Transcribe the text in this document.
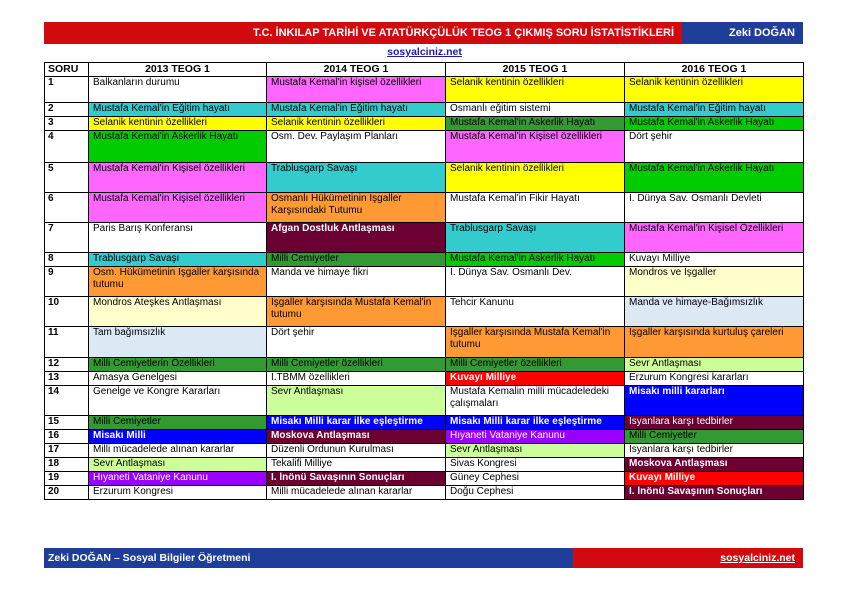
T.C. İNKILAP TARİHİ VE ATATÜRKÇÜLÜK TEOG 1 ÇIKMIŞ SORU İSTATİSTİKLERİ	Zeki DOĞAN
sosyalciniz.net
SORU	2013 TEOG 1	2014 TEOG 1	2015 TEOG 1	2016 TEOG 1
1	Balkanların durumu	Mustafa Kemal'in kişisel özellikleri	Selanik kentinin özellikleri	Selanik kentinin özellikleri
2	Mustafa Kemal'in Eğitim hayatı	Mustafa Kemal'in Eğitim hayatı	Osmanlı eğitim sistemi	Mustafa Kemal'in Eğitim hayatı
3	Selanik kentinin özellikleri	Selanik kentinin özellikleri	Mustafa Kemal'in Askerlik Hayatı	Mustafa Kemal'in Askerlik Hayatı
4	Mustafa Kemal'in Askerlik Hayatı	Osm. Dev. Paylaşım Planları	Mustafa Kemal'in Kişisel özellikleri	Dört şehir
5	Mustafa Kemal'in Kişisel özellikleri	Trablusgarp Savaşı	Selanik kentinin özellikleri	Mustafa Kemal'in Askerlik Hayatı
6	Mustafa Kemal'in Kişisel özellikleri	Osmanlı Hükümetinin İşgaller Karşısındaki Tutumu	Mustafa Kemal'in Fikir Hayatı	I. Dünya Sav. Osmanlı Devleti
7	Paris Barış Konferansı	Afgan Dostluk Antlaşması	Trablusgarp Savaşı	Mustafa Kemal'in Kişisel Özellikleri
8	Trablusgarp Savaşı	Milli Cemiyetler	Mustafa Kemal'in Askerlik Hayatı	Kuvayı Milliye
9	Osm. Hükümetinin İşgaller karşısında tutumu	Manda ve himaye fikri	I. Dünya Sav. Osmanlı Dev.	Mondros ve İşgaller
10	Mondros Ateşkes Antlaşması	İşgaller karşısında Mustafa Kemal'in tutumu	Tehcir Kanunu	Manda ve himaye-Bağımsızlık
11	Tam bağımsızlık	Dört şehir	İşgaller karşısında Mustafa Kemal'in tutumu	İşgaller karşısında kurtuluş çareleri
12	Milli Cemiyetlerin Özellikleri	Milli Cemiyetler özellikleri	Milli Cemiyetler özellikleri	Sevr Antlaşması
13	Amasya Genelgesi	I.TBMM özellikleri	Kuvayı Milliye	Erzurum Kongresi kararları
14	Genelge ve Kongre Kararları	Sevr Antlaşması	Mustafa Kemalin milli mücadeledeki çalışmaları	Misakı milli kararları
15	Milli Cemiyetler	Misakı Milli karar ilke eşleştirme	Misakı Milli karar ilke eşleştirme	İsyanlara karşı tedbirler
16	Misakı Milli	Moskova Antlaşması	Hıyaneti Vataniye Kanunu	Milli Cemiyetler
17	Milli mücadelede alınan kararlar	Düzenli Ordunun Kurulması	Sevr Antlaşması	İsyanlara karşı tedbirler
18	Sevr Antlaşması	Tekalifi Milliye	Sivas Kongresi	Moskova Antlaşması
19	Hıyaneti Vataniye Kanunu	I. İnönü Savaşının Sonuçları	Güney Cephesi	Kuvayı Milliye
20	Erzurum Kongresi	Milli mücadelede alınan kararlar	Doğu Cephesi	I. İnönü Savaşının Sonuçları
Zeki DOĞAN – Sosyal Bilgiler Öğretmeni	sosyalciniz.net
